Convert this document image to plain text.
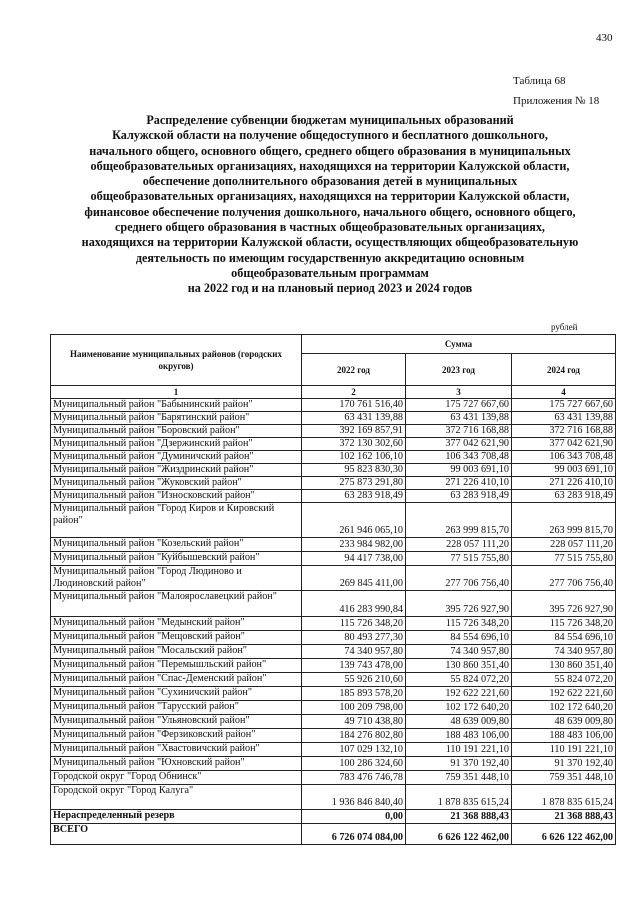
430
Таблица 68
Приложения № 18
Распределение субвенции бюджетам муниципальных образований
Калужской области на получение общедоступного и бесплатного дошкольного,
начального общего, основного общего, среднего общего образования в муниципальных
общеобразовательных организациях, находящихся на территории Калужской области,
обеспечение дополнительного образования детей в муниципальных
общеобразовательных организациях, находящихся на территории Калужской области,
финансовое обеспечение получения дошкольного, начального общего, основного общего,
среднего общего образования в частных общеобразовательных организациях,
находящихся на территории Калужской области, осуществляющих общеобразовательную
деятельность по имеющим государственную аккредитацию основным
общеобразовательным программам
на 2022 год и на плановый период 2023 и 2024 годов
рублей
Наименование муниципальных районов (городских округов)	Сумма		
	2022 год	2023 год	2024 год
1	2	3	4
Муниципальный район "Бабынинский район"	170 761 516,40	175 727 667,60	175 727 667,60
Муниципальный район "Барятинский район"	63 431 139,88	63 431 139,88	63 431 139,88
Муниципальный район "Боровский район"	392 169 857,91	372 716 168,88	372 716 168,88
Муниципальный район "Дзержинский район"	372 130 302,60	377 042 621,90	377 042 621,90
Муниципальный район "Думиничский район"	102 162 106,10	106 343 708,48	106 343 708,48
Муниципальный район "Жиздринский район"	95 823 830,30	99 003 691,10	99 003 691,10
Муниципальный район "Жуковский район"	275 873 291,80	271 226 410,10	271 226 410,10
Муниципальный район "Износковский район"	63 283 918,49	63 283 918,49	63 283 918,49
Муниципальный район "Город Киров и Кировский район"	261 946 065,10	263 999 815,70	263 999 815,70
Муниципальный район "Козельский район"	233 984 982,00	228 057 111,20	228 057 111,20
Муниципальный район "Куйбышевский район"	94 417 738,00	77 515 755,80	77 515 755,80
Муниципальный район "Город Людиново и Людиновский район"	269 845 411,00	277 706 756,40	277 706 756,40
Муниципальный район "Малоярославецкий район"	416 283 990,84	395 726 927,90	395 726 927,90
Муниципальный район "Медынский район"	115 726 348,20	115 726 348,20	115 726 348,20
Муниципальный район "Мещовский район"	80 493 277,30	84 554 696,10	84 554 696,10
Муниципальный район "Мосальский район"	74 340 957,80	74 340 957,80	74 340 957,80
Муниципальный район "Перемышльский район"	139 743 478,00	130 860 351,40	130 860 351,40
Муниципальный район "Спас-Деменский район"	55 926 210,60	55 824 072,20	55 824 072,20
Муниципальный район "Сухиничский район"	185 893 578,20	192 622 221,60	192 622 221,60
Муниципальный район "Тарусский район"	100 209 798,00	102 172 640,20	102 172 640,20
Муниципальный район "Ульяновский район"	49 710 438,80	48 639 009,80	48 639 009,80
Муниципальный район "Ферзиковский район"	184 276 802,80	188 483 106,00	188 483 106,00
Муниципальный район "Хвастовичский район"	107 029 132,10	110 191 221,10	110 191 221,10
Муниципальный район "Юхновский район"	100 286 324,60	91 370 192,40	91 370 192,40
Городской округ "Город Обнинск"	783 476 746,78	759 351 448,10	759 351 448,10
Городской округ "Город Калуга"	1 936 846 840,40	1 878 835 615,24	1 878 835 615,24
Нераспределенный резерв	0,00	21 368 888,43	21 368 888,43
ВСЕГО	6 726 074 084,00	6 626 122 462,00	6 626 122 462,00
